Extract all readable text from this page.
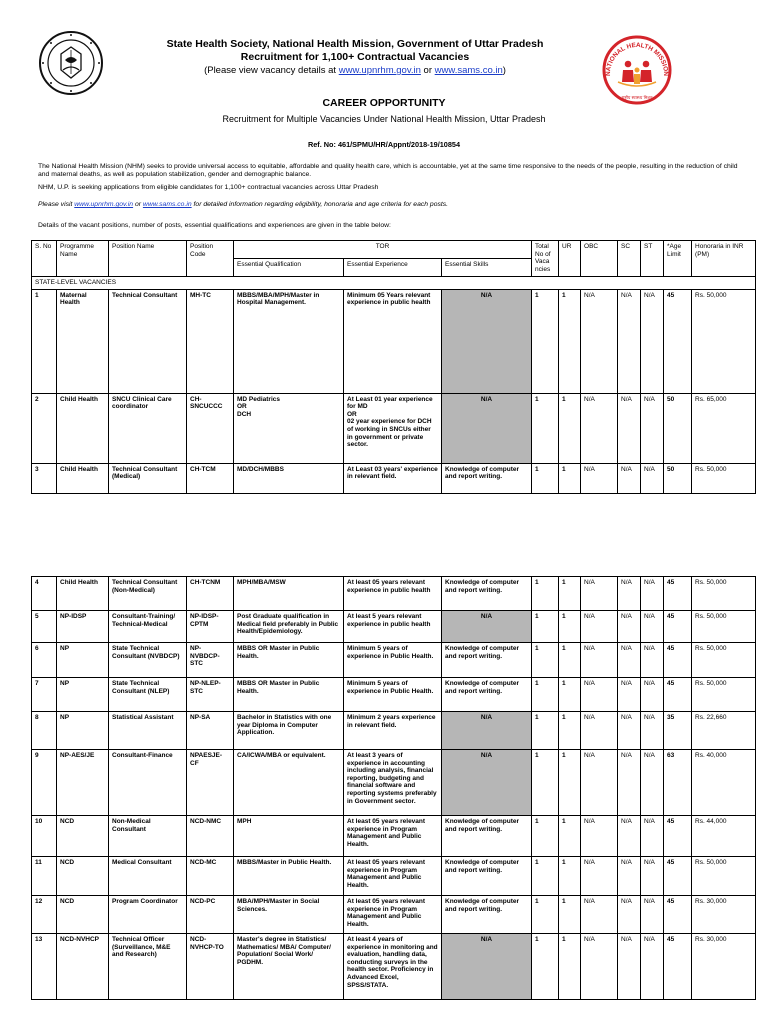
State Health Society, National Health Mission, Government of Uttar Pradesh
Recruitment for 1,100+ Contractual Vacancies
(Please view vacancy details at www.upnrhm.gov.in or www.sams.co.in)	NATIONAL HEALTH MISSION
राष्ट्रीय स्वास्थ्य मिशन
CAREER OPPORTUNITY
Recruitment for Multiple Vacancies Under National Health Mission, Uttar Pradesh
Ref. No: 461/SPMU/HR/Appnt/2018-19/10854
The National Health Mission (NHM) seeks to provide universal access to equitable, affordable and quality health care, which is accountable, yet at the same time responsive to the needs of the people, resulting in the reduction of child and maternal deaths, as well as population stabilization, gender and demographic balance.
NHM, U.P. is seeking applications from eligible candidates for 1,100+ contractual vacancies across Uttar Pradesh
Please visit www.upnrhm.gov.in or www.sams.co.in for detailed information regarding eligibility, honoraria and age criteria for each posts.
Details of the vacant positions, number of posts, essential qualifications and experiences are given in the table below:
S. No	Programme Name	Position Name	Position Code	TOR			Total No of Vaca ncies	UR	OBC	SC	ST	*Age Limit	Honoraria in INR (PM)
				Essential Qualification	Essential Experience	Essential Skills							
STATE-LEVEL VACANCIES													
1	Maternal Health	Technical Consultant	MH-TC	MBBS/MBA/MPH/Master in Hospital Management.	Minimum 05 Years relevant experience in public health	N/A	1	1	N/A	N/A	N/A	45	Rs. 50,000
2	Child Health	SNCU Clinical Care coordinator	CH-SNCUCCC	MD Pediatrics
OR
DCH	At Least 01 year experience for MD
OR
02 year experience for DCH of working in SNCUs either in government or private sector.	N/A	1	1	N/A	N/A	N/A	50	Rs. 65,000
3	Child Health	Technical Consultant (Medical)	CH-TCM	MD/DCH/MBBS	At Least 03 years' experience in relevant field.	Knowledge of computer and report writing.	1	1	N/A	N/A	N/A	50	Rs. 50,000
4	Child Health	Technical Consultant (Non-Medical)	CH-TCNM	MPH/MBA/MSW	At least 05 years relevant experience in public health	Knowledge of computer and report writing.	1	1	N/A	N/A	N/A	45	Rs. 50,000
5	NP-IDSP	Consultant-Training/ Technical-Medical	NP-IDSP-CPTM	Post Graduate qualification in Medical field preferably in Public Health/Epidemiology.	At least 5 years relevant experience in public health	N/A	1	1	N/A	N/A	N/A	45	Rs. 50,000
6	NP	State Technical Consultant (NVBDCP)	NP-NVBDCP-STC	MBBS OR Master in Public Health.	Minimum 5 years of experience in Public Health.	Knowledge of computer and report writing.	1	1	N/A	N/A	N/A	45	Rs. 50,000
7	NP	State Technical Consultant (NLEP)	NP-NLEP-STC	MBBS OR Master in Public Health.	Minimum 5 years of experience in Public Health.	Knowledge of computer and report writing.	1	1	N/A	N/A	N/A	45	Rs. 50,000
8	NP	Statistical Assistant	NP-SA	Bachelor in Statistics with one year Diploma in Computer Application.	Minimum 2 years experience in relevant field.	N/A	1	1	N/A	N/A	N/A	35	Rs. 22,660
9	NP-AES/JE	Consultant-Finance	NPAESJE-CF	CA/ICWA/MBA or equivalent.	At least 3 years of experience in accounting including analysis, financial reporting, budgeting and financial software and reporting systems preferably in Government sector.	N/A	1	1	N/A	N/A	N/A	63	Rs. 40,000
10	NCD	Non-Medical Consultant	NCD-NMC	MPH	At least 05 years relevant experience in Program Management and Public Health.	Knowledge of computer and report writing.	1	1	N/A	N/A	N/A	45	Rs. 44,000
11	NCD	Medical Consultant	NCD-MC	MBBS/Master in Public Health.	At least 05 years relevant experience in Program Management and Public Health.	Knowledge of computer and report writing.	1	1	N/A	N/A	N/A	45	Rs. 50,000
12	NCD	Program Coordinator	NCD-PC	MBA/MPH/Master in Social Sciences.	At least 05 years relevant experience in Program Management and Public Health.	Knowledge of computer and report writing.	1	1	N/A	N/A	N/A	45	Rs. 30,000
13	NCD-NVHCP	Technical Officer (Surveillance, M&E and Research)	NCD-NVHCP-TO	Master's degree in Statistics/ Mathematics/ MBA/ Computer/ Population/ Social Work/ PGDHM.	At least 4 years of experience in monitoring and evaluation, handling data, conducting surveys in the health sector. Proficiency in Advanced Excel, SPSS/STATA.	N/A	1	1	N/A	N/A	N/A	45	Rs. 30,000
